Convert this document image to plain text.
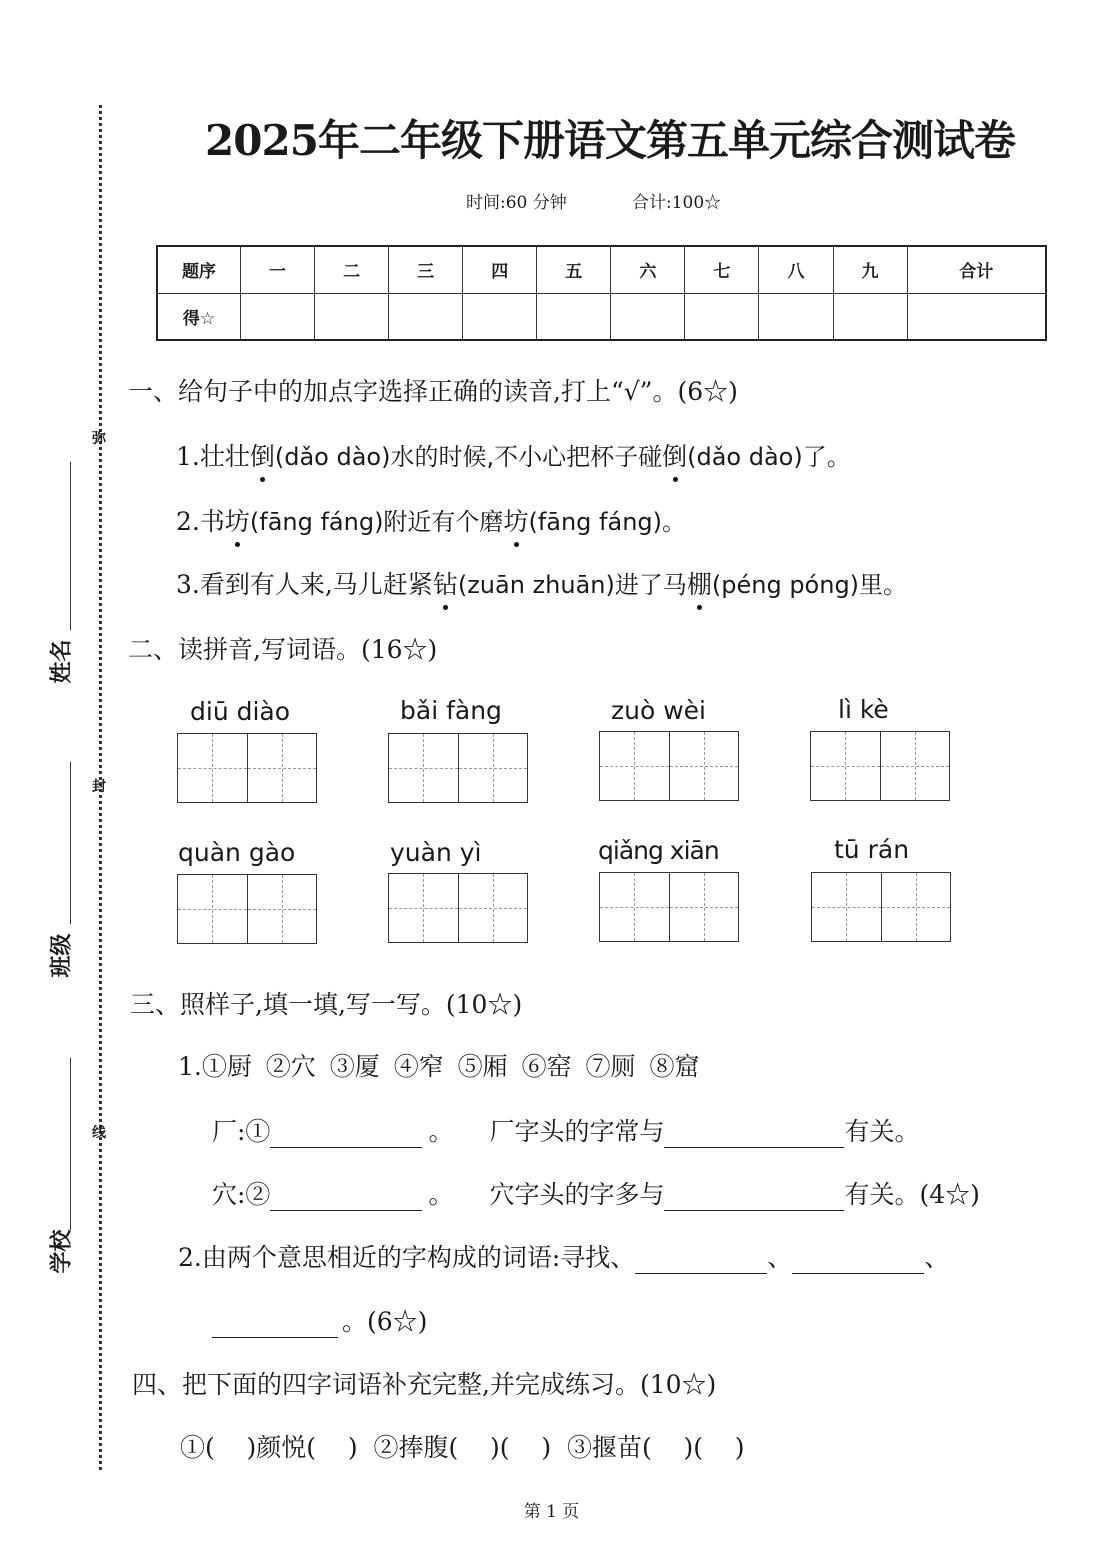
弥
封
线
姓名
班级
学校
2025年二年级下册语文第五单元综合测试卷
时间:60 分钟	合计:100☆
题序	一	二	三	四	五	六	七	八	九	合计
得☆										
一、给句子中的加点字选择正确的读音,打上“√”。(6☆)
1.壮壮倒(dǎo dào)水的时候,不小心把杯子碰倒(dǎo dào)了。
2.书坊(fāng fáng)附近有个磨坊(fāng fáng)。
3.看到有人来,马儿赶紧钻(zuān zhuān)进了马棚(péng póng)里。
二、读拼音,写词语。(16☆)
diū diào	bǎi fàng	zuò wèi	lì kè
quàn gào	yuàn yì	qiǎng xiān	tū rán
三、照样子,填一填,写一写。(10☆)
1.①厨 ②穴 ③厦 ④窄 ⑤厢 ⑥窑 ⑦厕 ⑧窟
厂:①	。 厂字头的字常与	有关。
穴:②	。 穴字头的字多与	有关。(4☆)
2.由两个意思相近的字构成的词语:寻找、	、	、
。(6☆)
四、把下面的四字词语补充完整,并完成练习。(10☆)
①(    )颜悦(    )  ②捧腹(    )(    )  ③揠苗(    )(    )
第 1 页
